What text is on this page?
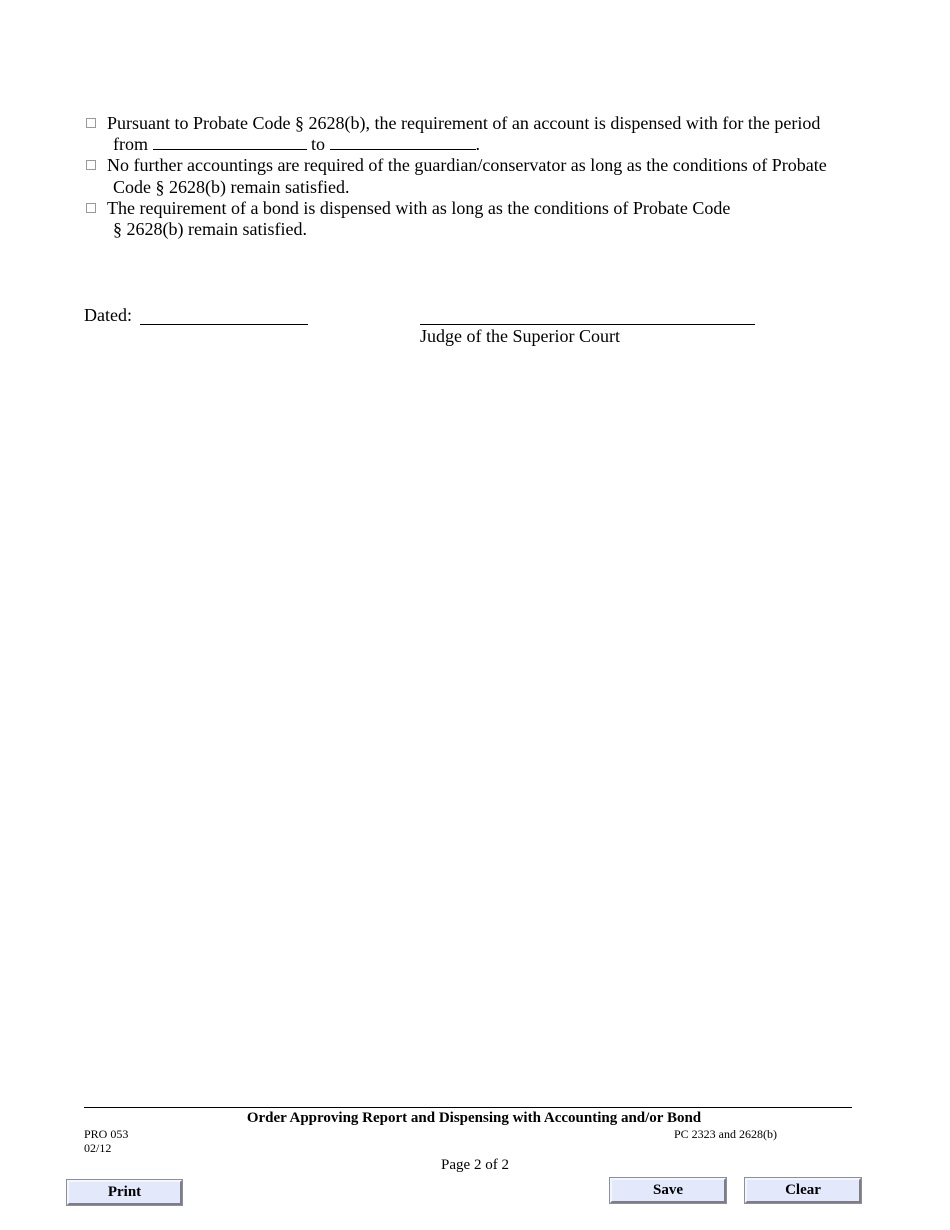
Pursuant to Probate Code § 2628(b), the requirement of an account is dispensed with for the period
from	to	.
No further accountings are required of the guardian/conservator as long as the conditions of Probate
Code § 2628(b) remain satisfied.
The requirement of a bond is dispensed with as long as the conditions of Probate Code
§ 2628(b) remain satisfied.
Dated:
Judge of the Superior Court
Order Approving Report and Dispensing with Accounting and/or Bond
PRO 053
02/12
PC 2323 and 2628(b)
Page 2 of 2
Print	Save	Clear
